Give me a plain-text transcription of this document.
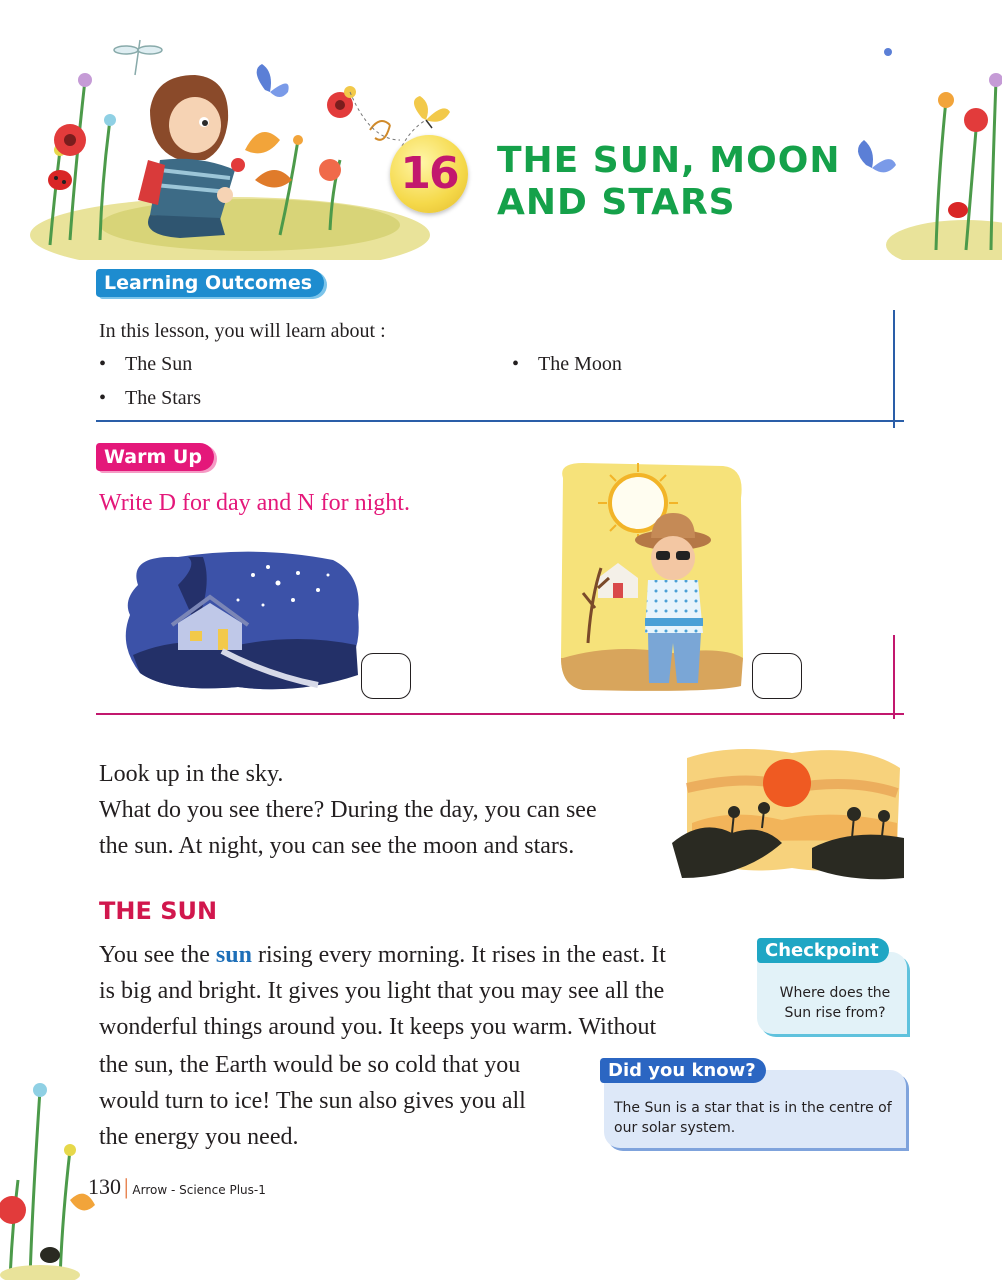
16 THE SUN, MOON
AND STARS
Learning Outcomes
In this lesson, you will learn about :
• The Sun
•	The Moon
• The Stars
Warm Up
Write D for day and N for night.
Look up in the sky.
What do you see there? During the day, you can see
the sun. At night, you can see the moon and stars.
THE SUN
You see the sun rising every morning. It rises in the east. It
is big and bright. It gives you light that you may see all the
wonderful things around you. It keeps you warm. Without
the sun, the Earth would be so cold that you
would turn to ice! The sun also gives you all
the energy you need.
Checkpoint
Where does the Sun rise from?
Did you know?
The Sun is a star that is in the centre of our solar system.
130 | Arrow - Science Plus-1
